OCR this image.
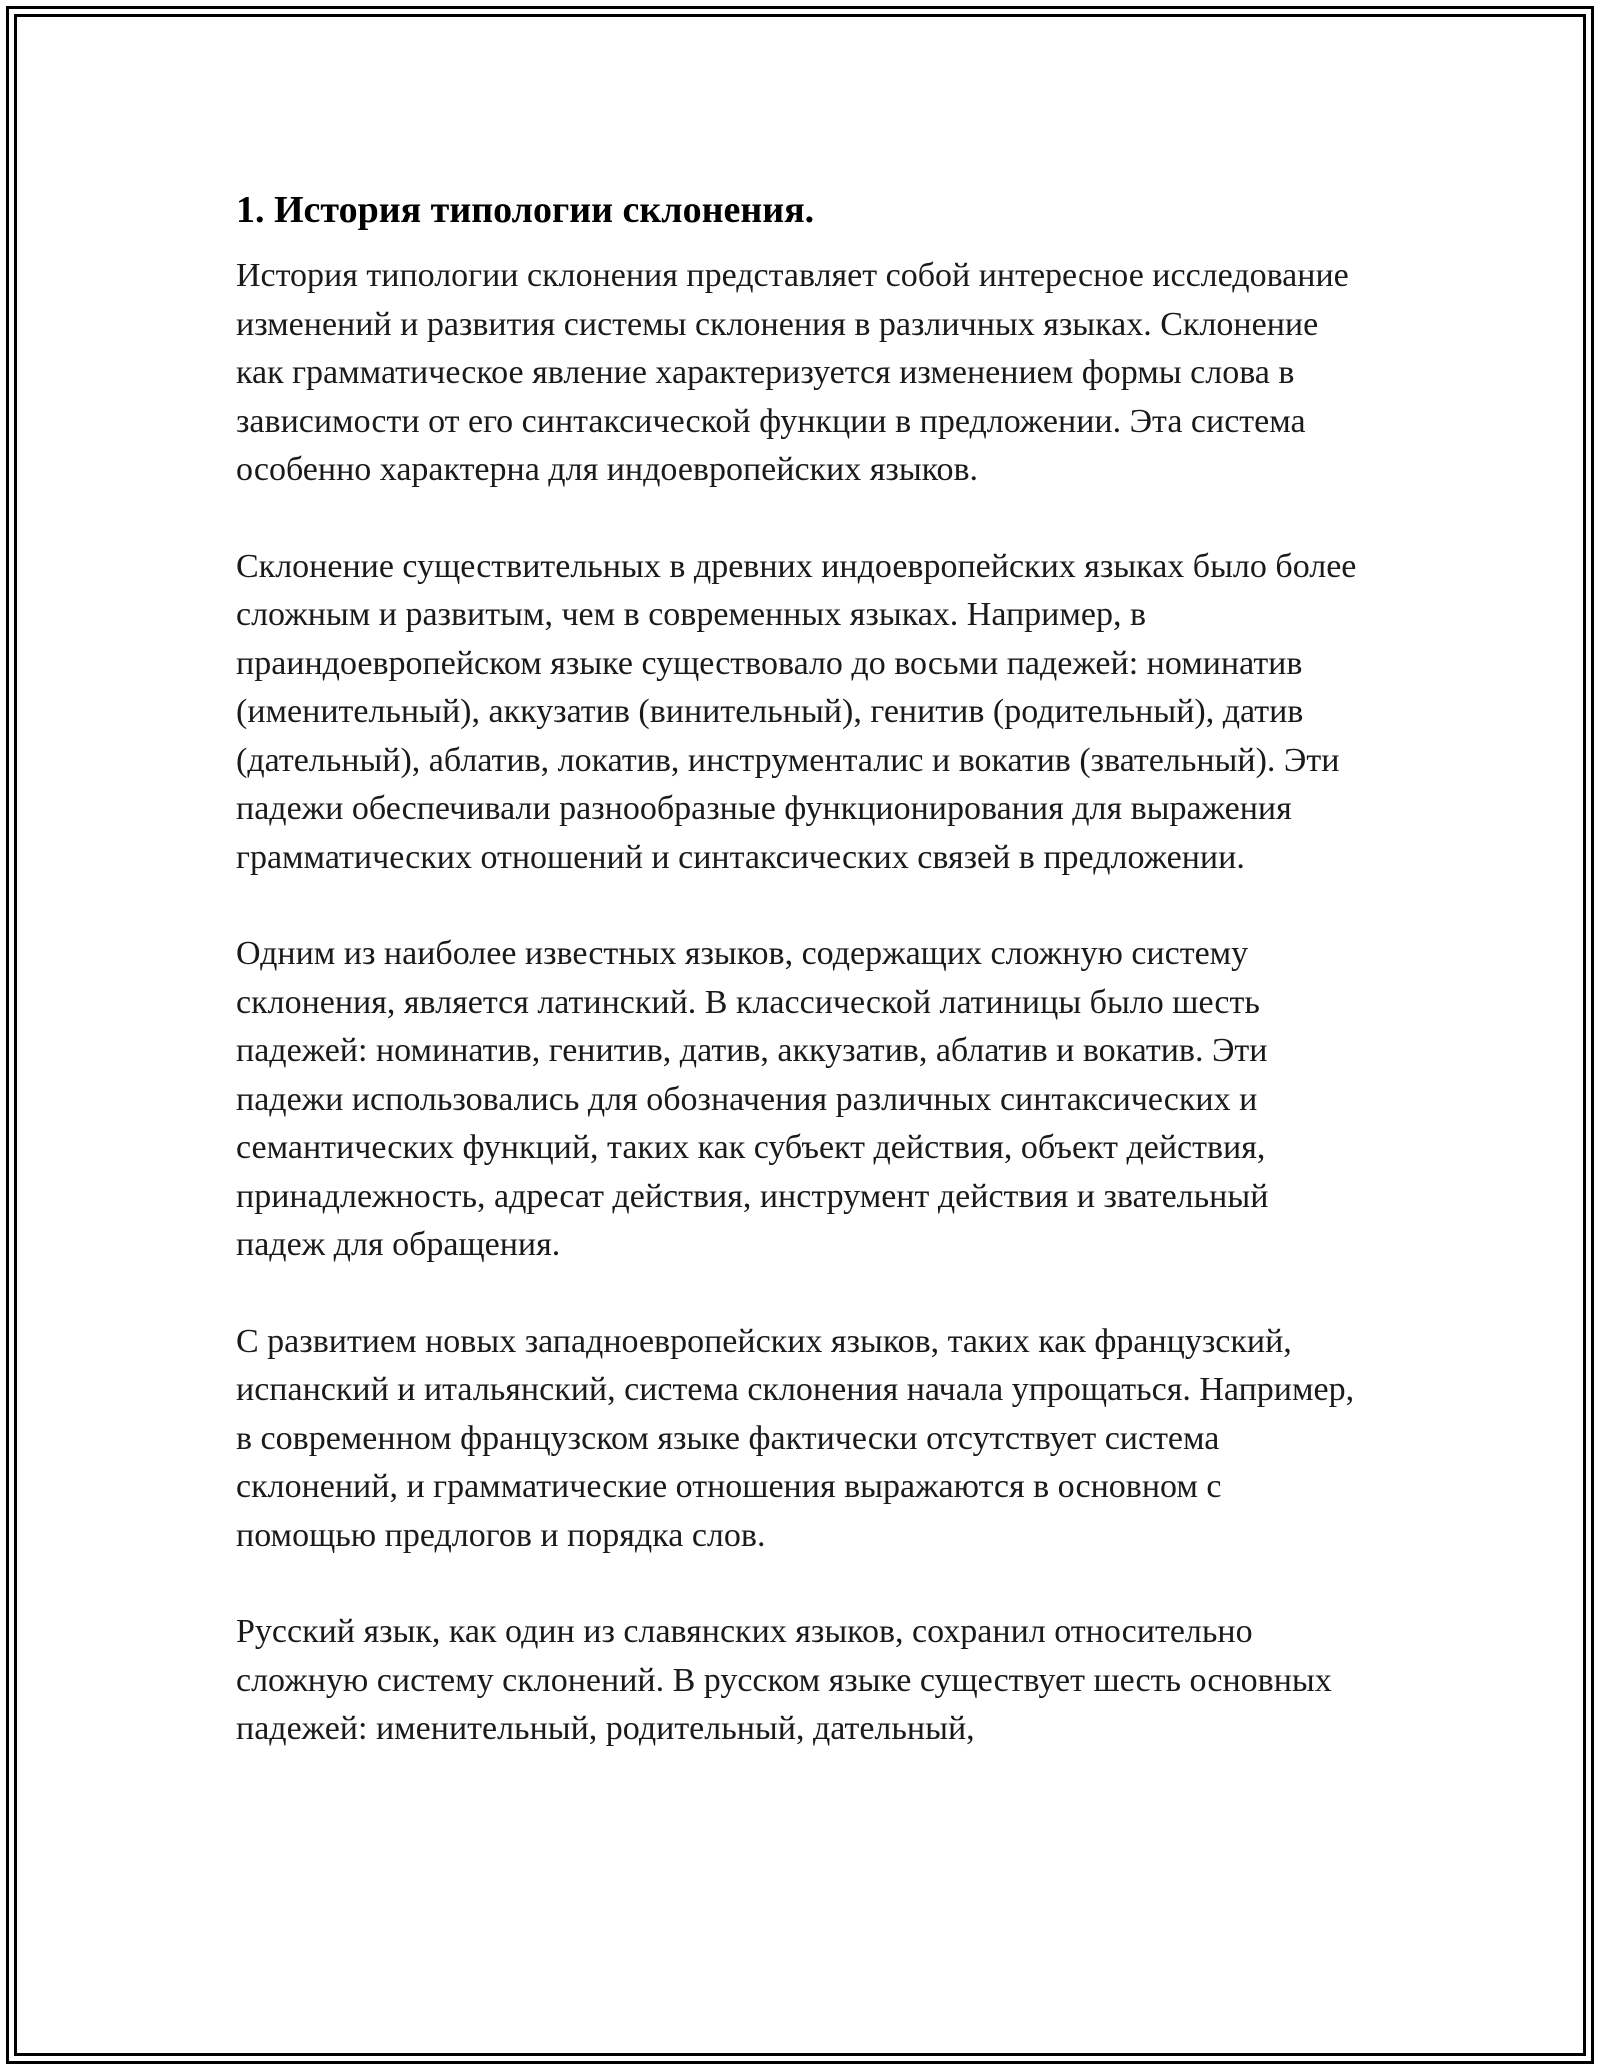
1. История типологии склонения.

История типологии склонения представляет собой интересное исследование изменений и развития системы склонения в различных языках. Склонение как грамматическое явление характеризуется изменением формы слова в зависимости от его синтаксической функции в предложении. Эта система особенно характерна для индоевропейских языков.

Склонение существительных в древних индоевропейских языках было более сложным и развитым, чем в современных языках. Например, в праиндоевропейском языке существовало до восьми падежей: номинатив (именительный), аккузатив (винительный), генитив (родительный), датив (дательный), аблатив, локатив, инструменталис и вокатив (звательный). Эти падежи обеспечивали разнообразные функционирования для выражения грамматических отношений и синтаксических связей в предложении.

Одним из наиболее известных языков, содержащих сложную систему склонения, является латинский. В классической латиницы было шесть падежей: номинатив, генитив, датив, аккузатив, аблатив и вокатив. Эти падежи использовались для обозначения различных синтаксических и семантических функций, таких как субъект действия, объект действия, принадлежность, адресат действия, инструмент действия и звательный падеж для обращения.

С развитием новых западноевропейских языков, таких как французский, испанский и итальянский, система склонения начала упрощаться. Например, в современном французском языке фактически отсутствует система склонений, и грамматические отношения выражаются в основном с помощью предлогов и порядка слов.

Русский язык, как один из славянских языков, сохранил относительно сложную систему склонений. В русском языке существует шесть основных падежей: именительный, родительный, дательный,
